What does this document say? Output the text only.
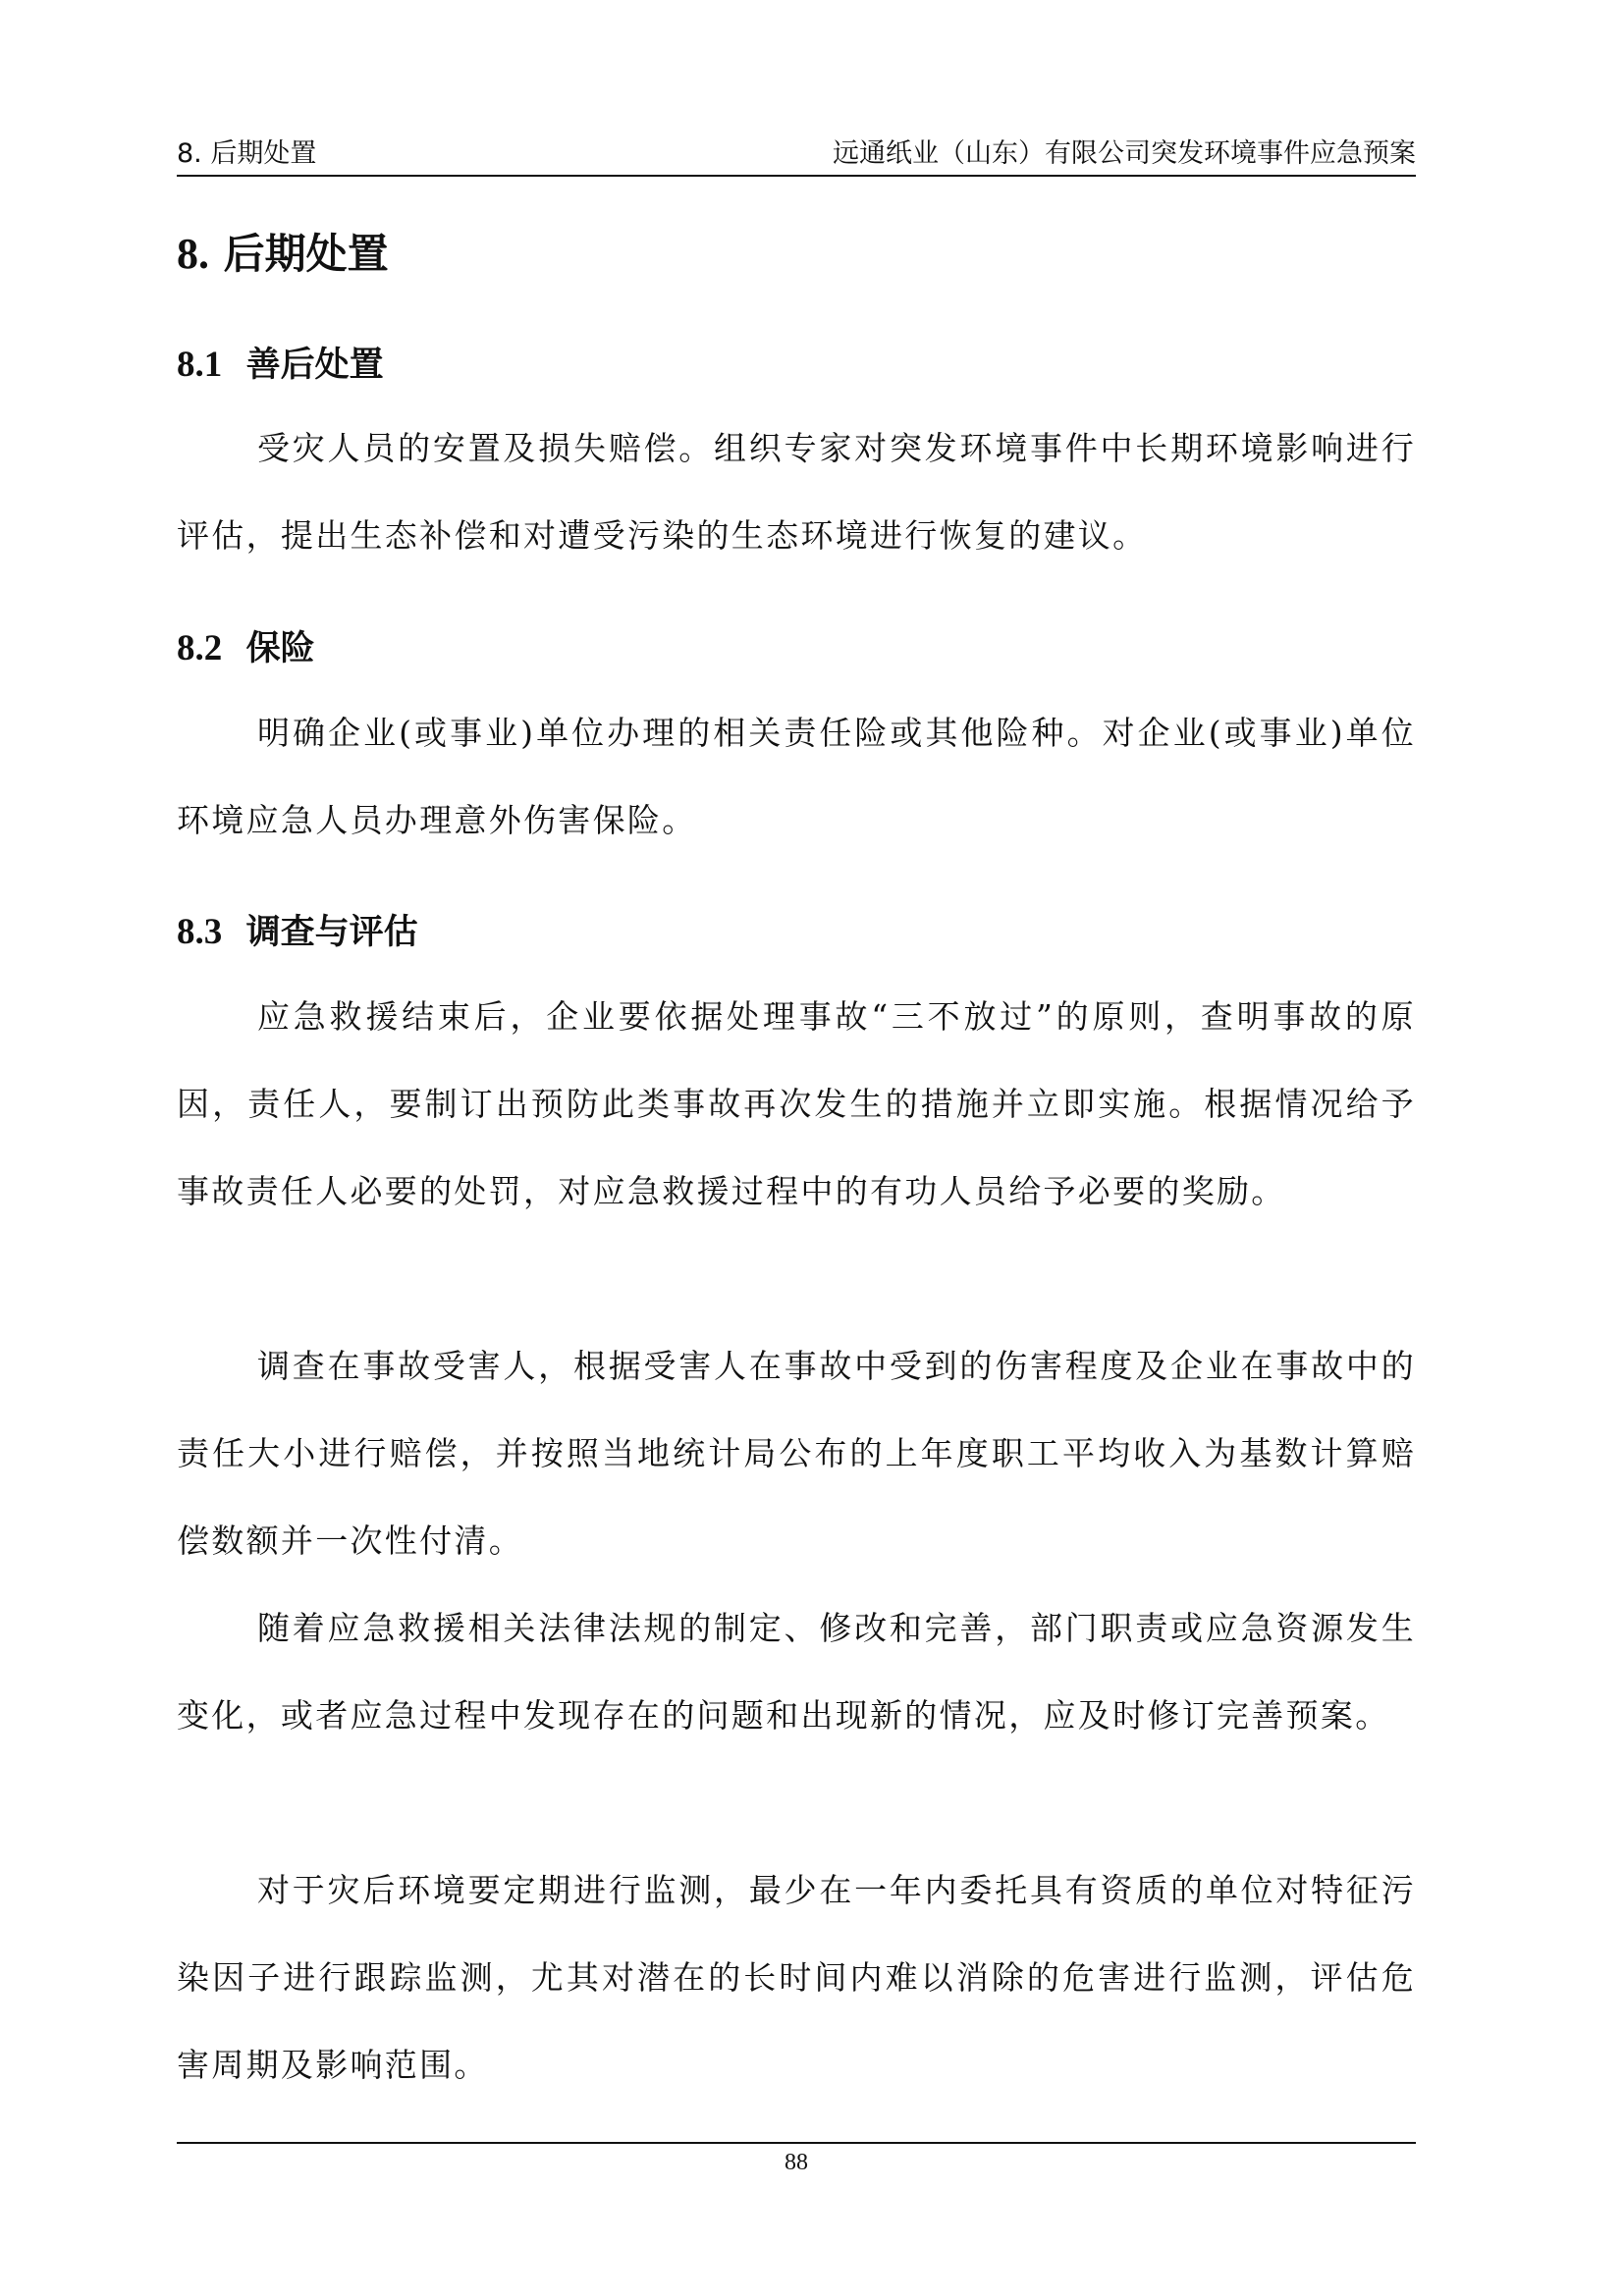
8. 后期处置	远通纸业（山东）有限公司突发环境事件应急预案
8. 后期处置
8.1 善后处置

受灾人员的安置及损失赔偿。组织专家对突发环境事件中长期环境影响进行评估，提出生态补偿和对遭受污染的生态环境进行恢复的建议。

8.2 保险

明确企业(或事业)单位办理的相关责任险或其他险种。对企业(或事业)单位环境应急人员办理意外伤害保险。

8.3 调查与评估

应急救援结束后，企业要依据处理事故“三不放过”的原则，查明事故的原因，责任人，要制订出预防此类事故再次发生的措施并立即实施。根据情况给予事故责任人必要的处罚，对应急救援过程中的有功人员给予必要的奖励。

调查在事故受害人，根据受害人在事故中受到的伤害程度及企业在事故中的责任大小进行赔偿，并按照当地统计局公布的上年度职工平均收入为基数计算赔偿数额并一次性付清。

随着应急救援相关法律法规的制定、修改和完善，部门职责或应急资源发生变化，或者应急过程中发现存在的问题和出现新的情况，应及时修订完善预案。

对于灾后环境要定期进行监测，最少在一年内委托具有资质的单位对特征污染因子进行跟踪监测，尤其对潜在的长时间内难以消除的危害进行监测，评估危害周期及影响范围。

88
